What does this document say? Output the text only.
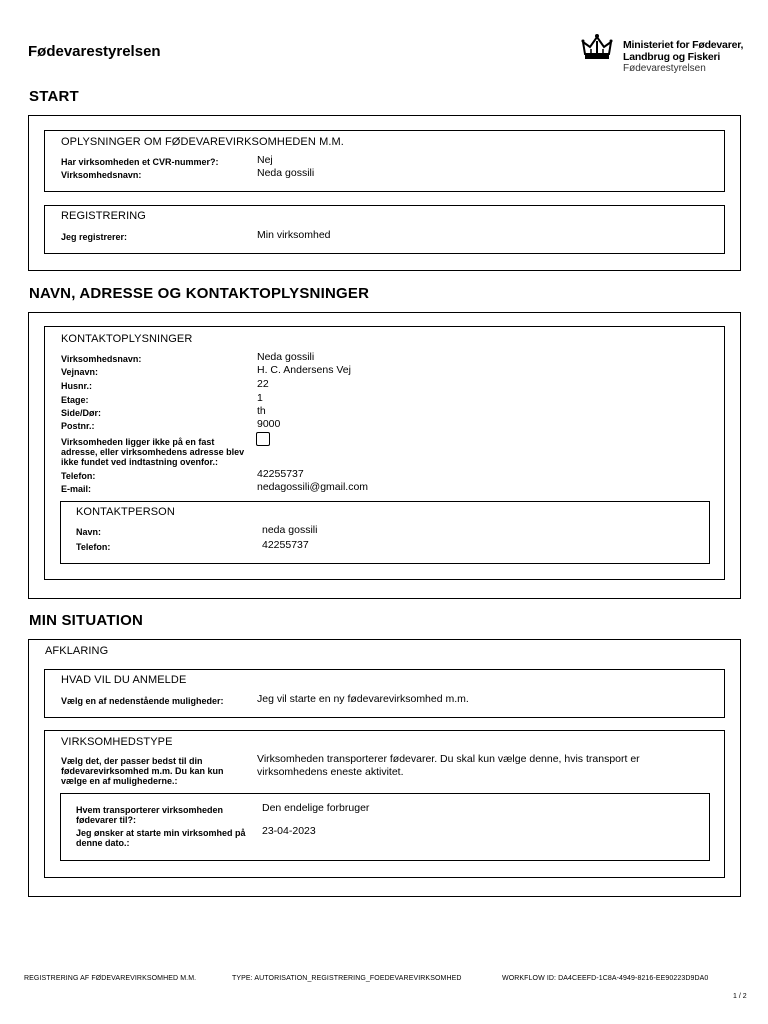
Fødevarestyrelsen	Ministeriet for Fødevarer,
Landbrug og Fiskeri
Fødevarestyrelsen
START
OPLYSNINGER OM FØDEVAREVIRKSOMHEDEN M.M.
Har virksomheden et CVR-nummer?:	Nej
Virksomhedsnavn:	Neda gossili
REGISTRERING
Jeg registrerer:	Min virksomhed
NAVN, ADRESSE OG KONTAKTOPLYSNINGER
KONTAKTOPLYSNINGER
Virksomhedsnavn:	Neda gossili
Vejnavn:	H. C. Andersens Vej
Husnr.:	22
Etage:	1
Side/Dør:	th
Postnr.:	9000
Virksomheden ligger ikke på en fast adresse, eller virksomhedens adresse blev ikke fundet ved indtastning ovenfor.:
Telefon:	42255737
E-mail:	nedagossili@gmail.com
KONTAKTPERSON
Navn:	neda gossili
Telefon:	42255737
MIN SITUATION
AFKLARING
HVAD VIL DU ANMELDE
Vælg en af nedenstående muligheder:	Jeg vil starte en ny fødevarevirksomhed m.m.
VIRKSOMHEDSTYPE
Vælg det, der passer bedst til din fødevarevirksomhed m.m. Du kan kun vælge en af mulighederne.:
Virksomheden transporterer fødevarer. Du skal kun vælge denne, hvis transport er virksomhedens eneste aktivitet.
Hvem transporterer virksomheden fødevarer til?:
Den endelige forbruger
Jeg ønsker at starte min virksomhed på denne dato.:
23-04-2023
REGISTRERING AF FØDEVAREVIRKSOMHED M.M.	TYPE: AUTORISATION_REGISTRERING_FOEDEVAREVIRKSOMHED	WORKFLOW ID: DA4CEEFD-1C8A-4949-8216-EE90223D9DA0
1 / 2
